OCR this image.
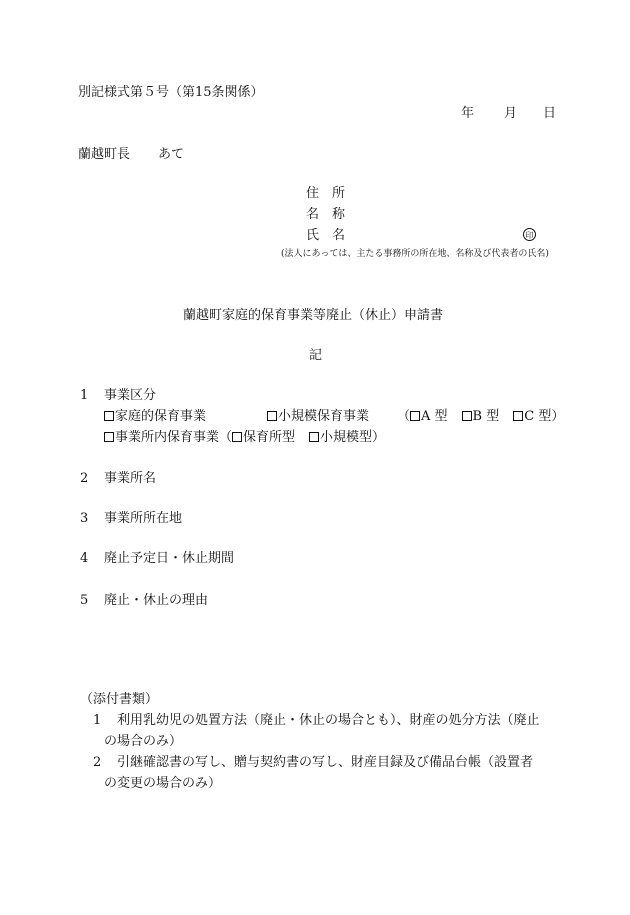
別記様式第５号（第15条関係）
年 月 日
蘭越町長 あて
住　所
名　称
氏　名	印
(法人にあっては、主たる事務所の所在地、名称及び代表者の氏名)
蘭越町家庭的保育事業等廃止（休止）申請書
記
1 事業区分
家庭的保育事業	小規模保育事業 （ A 型 B 型 C 型）
事業所内保育事業（ 保育所型 小規模型）
2 事業所名
3 事業所所在地
4 廃止予定日・休止期間
5 廃止・休止の理由
（添付書類）
1 利用乳幼児の処置方法（廃止・休止の場合とも）、財産の処分方法（廃止
の場合のみ）
2 引継確認書の写し、贈与契約書の写し、財産目録及び備品台帳（設置者
の変更の場合のみ）
